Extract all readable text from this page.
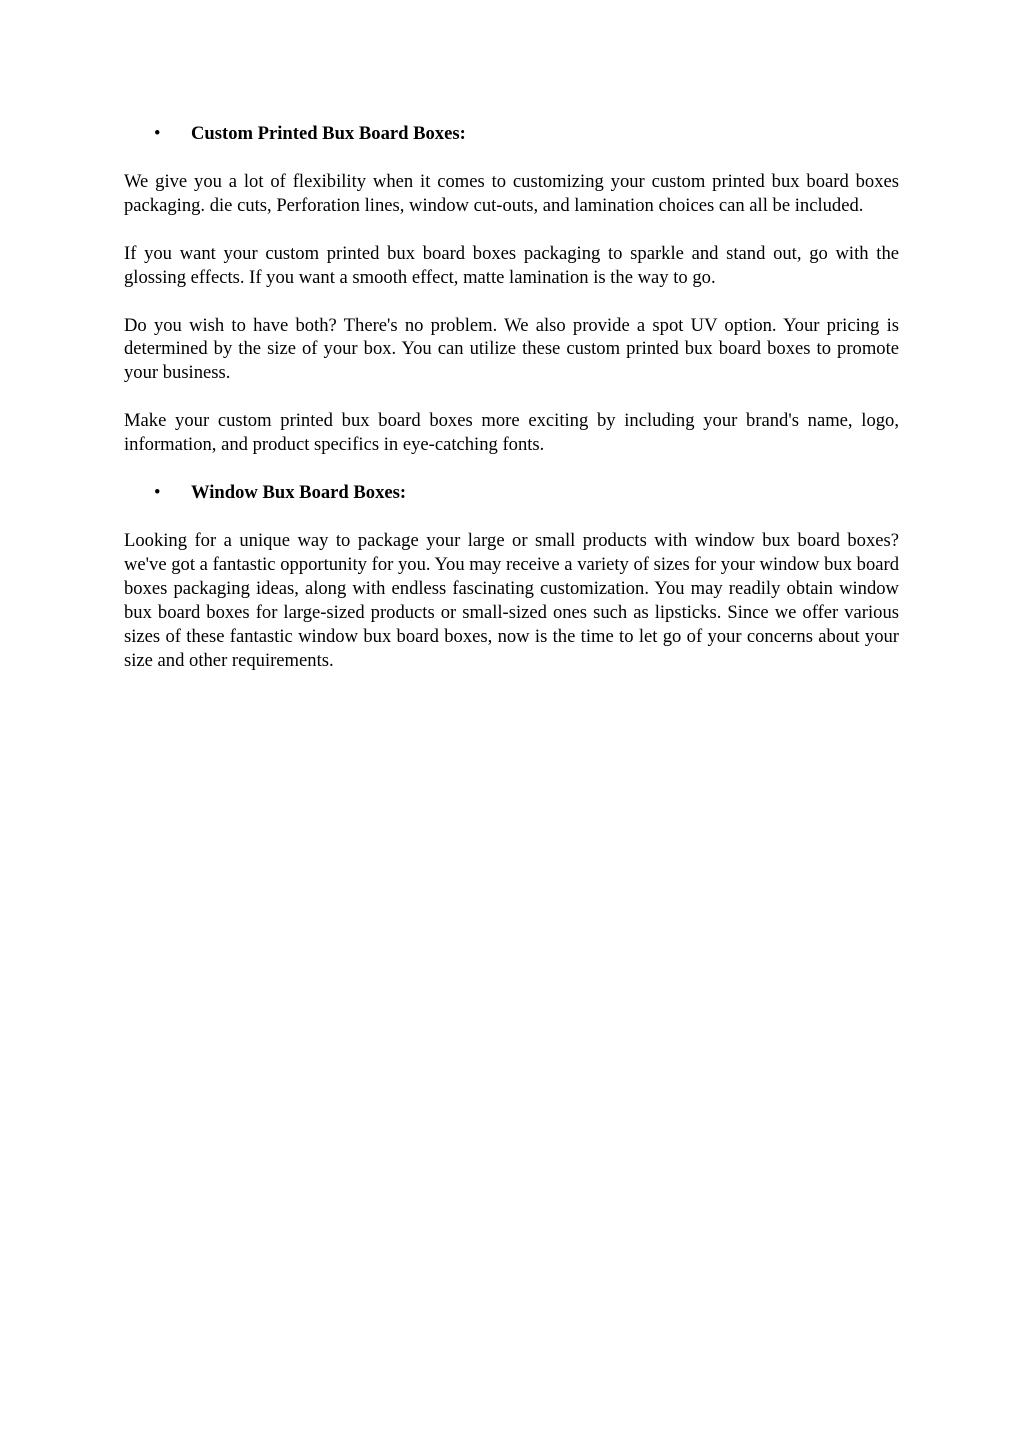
• Custom Printed Bux Board Boxes:

We give you a lot of flexibility when it comes to customizing your custom printed bux board boxes packaging. die cuts, Perforation lines, window cut-outs, and lamination choices can all be included.

If you want your custom printed bux board boxes packaging to sparkle and stand out, go with the glossing effects. If you want a smooth effect, matte lamination is the way to go.

Do you wish to have both? There's no problem. We also provide a spot UV option. Your pricing is determined by the size of your box. You can utilize these custom printed bux board boxes to promote your business.

Make your custom printed bux board boxes more exciting by including your brand's name, logo, information, and product specifics in eye-catching fonts.

• Window Bux Board Boxes:

Looking for a unique way to package your large or small products with window bux board boxes? we've got a fantastic opportunity for you. You may receive a variety of sizes for your window bux board boxes packaging ideas, along with endless fascinating customization. You may readily obtain window bux board boxes for large-sized products or small-sized ones such as lipsticks. Since we offer various sizes of these fantastic window bux board boxes, now is the time to let go of your concerns about your size and other requirements.
